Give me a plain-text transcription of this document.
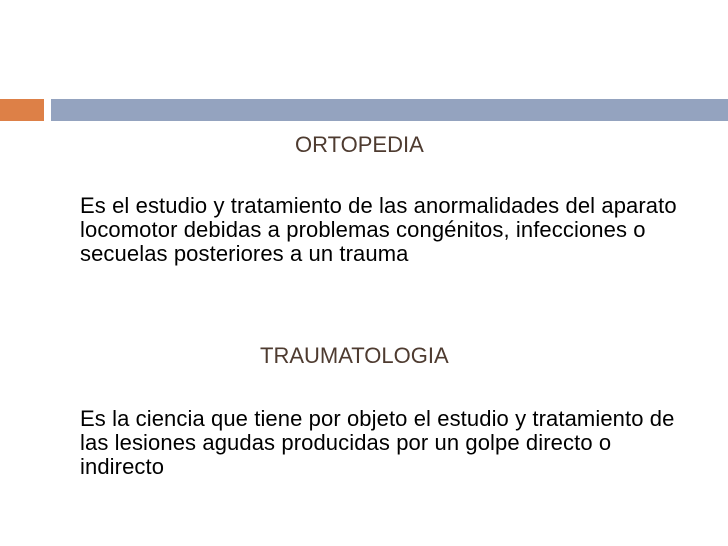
ORTOPEDIA

Es el estudio y tratamiento de las anormalidades del aparato locomotor debidas a problemas congénitos, infecciones o secuelas posteriores a un trauma

TRAUMATOLOGIA

Es la ciencia que tiene por objeto el estudio y tratamiento de las lesiones agudas producidas por un golpe directo o indirecto
